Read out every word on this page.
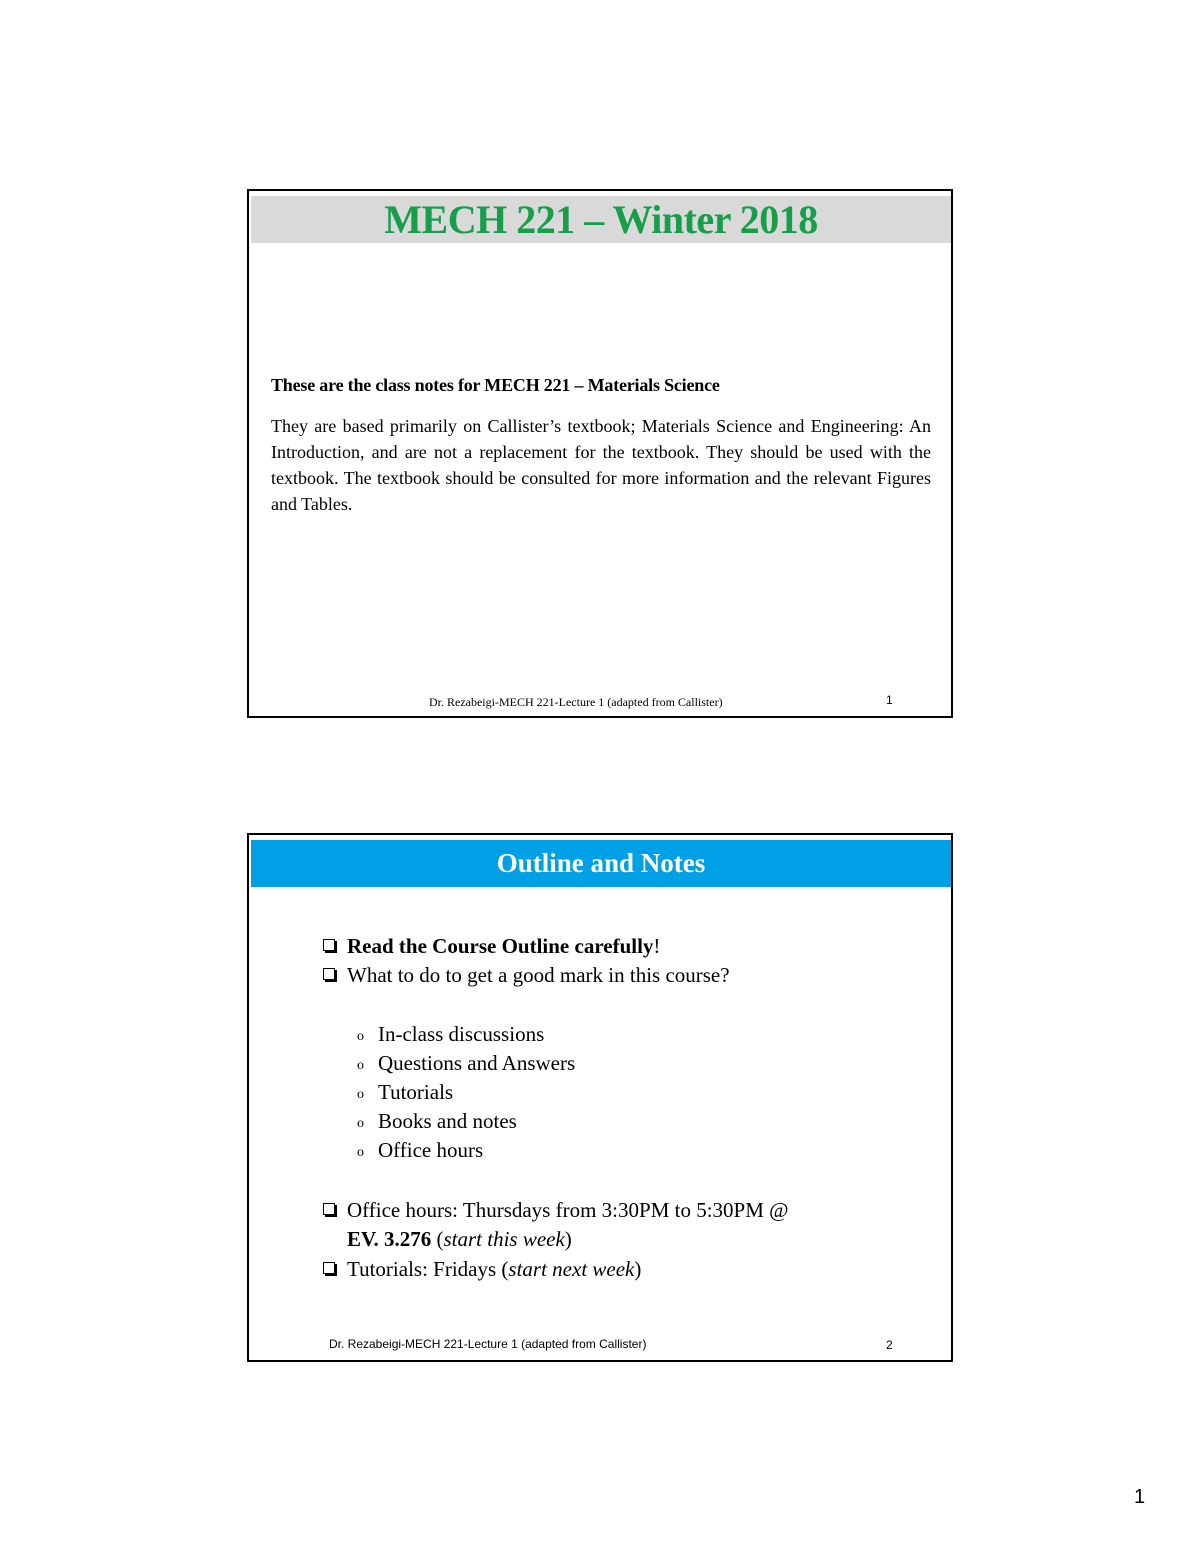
MECH 221 – Winter 2018
These are the class notes for MECH 221 – Materials Science
They are based primarily on Callister’s textbook; Materials Science and Engineering: An Introduction, and are not a replacement for the textbook. They should be used with the textbook. The textbook should be consulted for more information and the relevant Figures and Tables.
Dr. Rezabeigi-MECH 221-Lecture 1 (adapted from Callister)	1
Outline and Notes
Read the Course Outline carefully!
What to do to get a good mark in this course?
o In-class discussions
o Questions and Answers
o Tutorials
o Books and notes
o Office hours
Office hours: Thursdays from 3:30PM to 5:30PM @
EV. 3.276 (start this week)
Tutorials: Fridays (start next week)
Dr. Rezabeigi-MECH 221-Lecture 1 (adapted from Callister)	2
1
